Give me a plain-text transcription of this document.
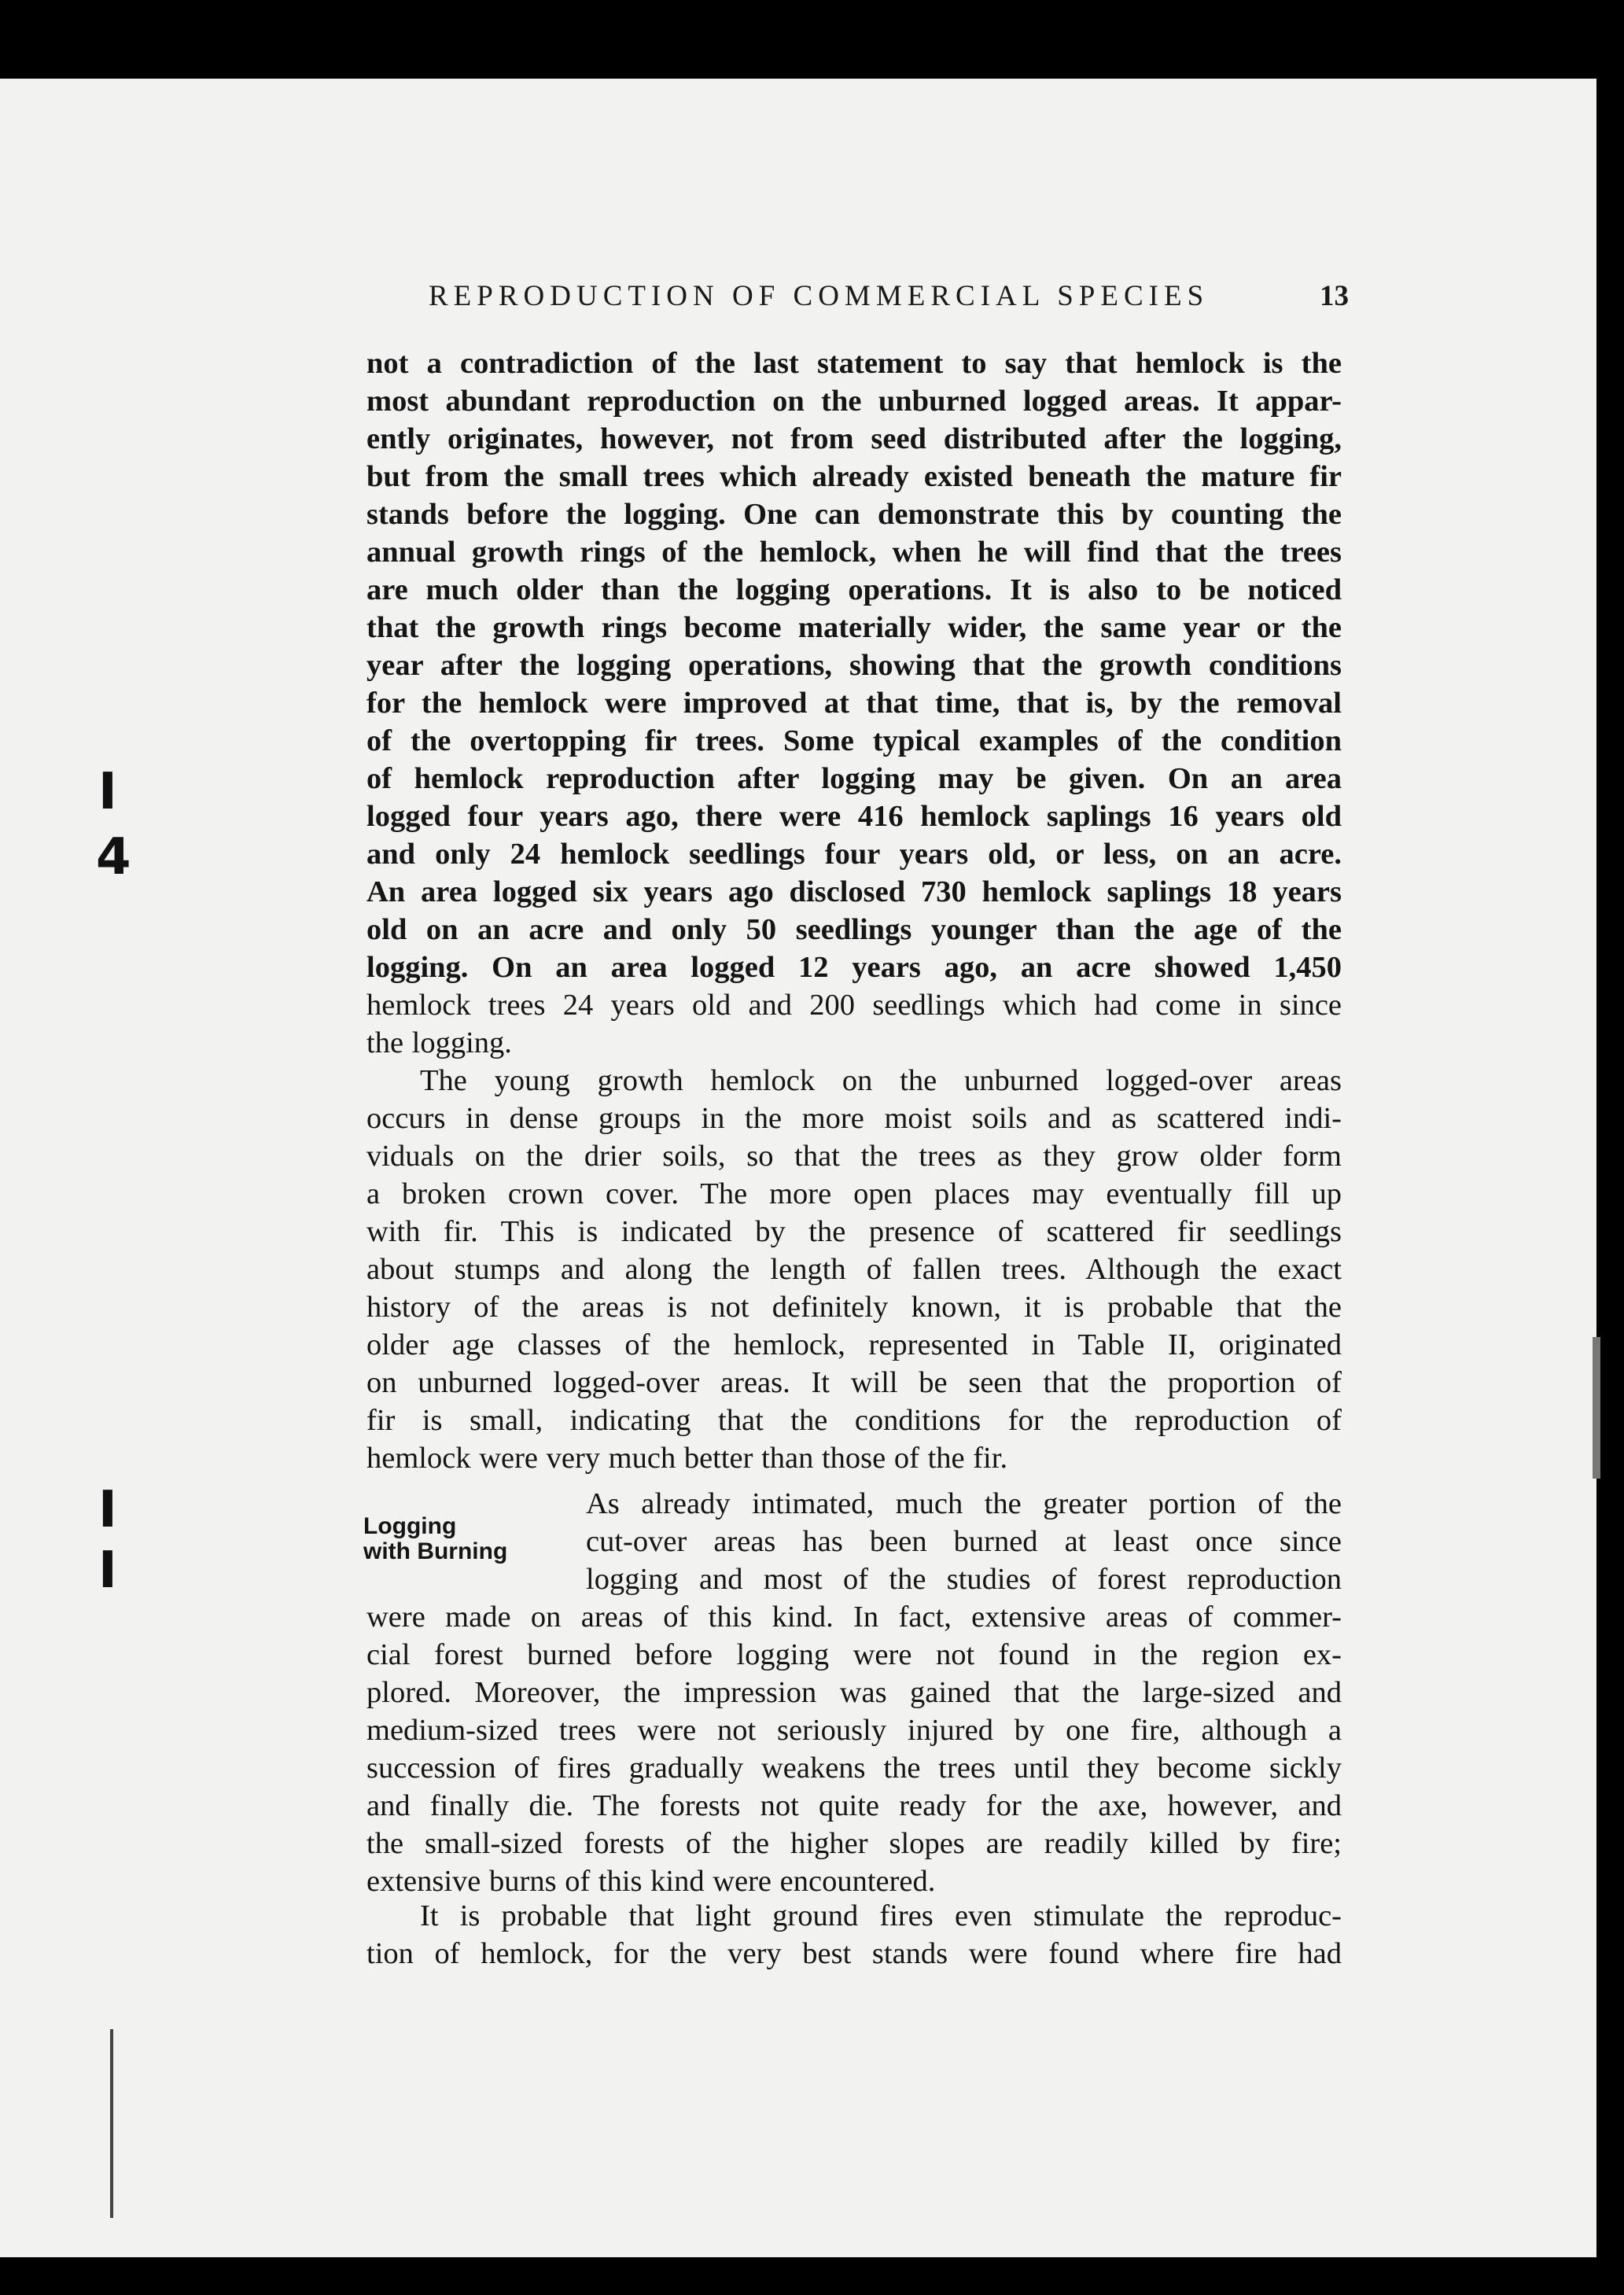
I
4
I
I
REPRODUCTION OF COMMERCIAL SPECIES	13
not a contradiction of the last statement to say that hemlock is the
most abundant reproduction on the unburned logged areas. It appar-
ently originates, however, not from seed distributed after the logging,
but from the small trees which already existed beneath the mature fir
stands before the logging. One can demonstrate this by counting the
annual growth rings of the hemlock, when he will find that the trees
are much older than the logging operations. It is also to be noticed
that the growth rings become materially wider, the same year or the
year after the logging operations, showing that the growth conditions
for the hemlock were improved at that time, that is, by the removal
of the overtopping fir trees. Some typical examples of the condition
of hemlock reproduction after logging may be given. On an area
logged four years ago, there were 416 hemlock saplings 16 years old
and only 24 hemlock seedlings four years old, or less, on an acre.
An area logged six years ago disclosed 730 hemlock saplings 18 years
old on an acre and only 50 seedlings younger than the age of the
logging. On an area logged 12 years ago, an acre showed 1,450
hemlock trees 24 years old and 200 seedlings which had come in since
the logging.
The young growth hemlock on the unburned logged-over areas
occurs in dense groups in the more moist soils and as scattered indi-
viduals on the drier soils, so that the trees as they grow older form
a broken crown cover. The more open places may eventually fill up
with fir. This is indicated by the presence of scattered fir seedlings
about stumps and along the length of fallen trees. Although the exact
history of the areas is not definitely known, it is probable that the
older age classes of the hemlock, represented in Table II, originated
on unburned logged-over areas. It will be seen that the proportion of
fir is small, indicating that the conditions for the reproduction of
hemlock were very much better than those of the fir.
Logging
with Burning
As already intimated, much the greater portion of the
cut-over areas has been burned at least once since
logging and most of the studies of forest reproduction
were made on areas of this kind. In fact, extensive areas of commer-
cial forest burned before logging were not found in the region ex-
plored. Moreover, the impression was gained that the large-sized and
medium-sized trees were not seriously injured by one fire, although a
succession of fires gradually weakens the trees until they become sickly
and finally die. The forests not quite ready for the axe, however, and
the small-sized forests of the higher slopes are readily killed by fire;
extensive burns of this kind were encountered.
It is probable that light ground fires even stimulate the reproduc-
tion of hemlock, for the very best stands were found where fire had
